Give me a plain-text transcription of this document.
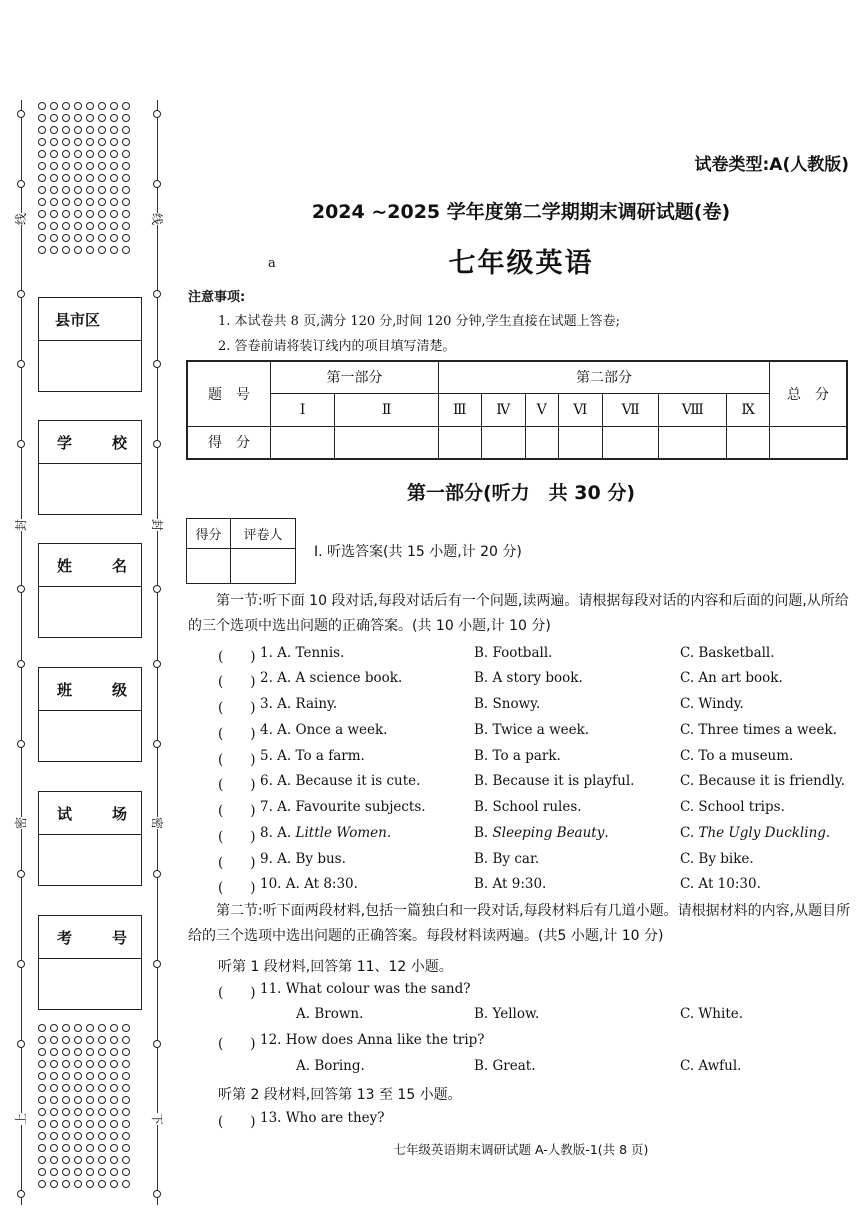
线	线
封	封
密	密
上	下
县市区
学	校
姓	名
班	级
试	场
考	号
试卷类型:A(人教版)
2024 ~2025 学年度第二学期期末调研试题(卷)
七年级英语
a
注意事项:
1. 本试卷共 8 页,满分 120 分,时间 120 分钟,学生直接在试题上答卷;
2. 答卷前请将装订线内的项目填写清楚。
题　号	第一部分		第二部分							总　分
	Ⅰ	Ⅱ	Ⅲ	Ⅳ	Ⅴ	Ⅵ	Ⅶ	Ⅷ	Ⅸ	
得　分										
第一部分(听力　共 30 分)
得分	评卷人

Ⅰ. 听选答案(共 15 小题,计 20 分)
第一节:听下面 10 段对话,每段对话后有一个问题,读两遍。请根据每段对话的内容和后面的问题,从所给的三个选项中选出问题的正确答案。(共 10 小题,计 10 分)
(　　) 1. A. Tennis.	B. Football.	C. Basketball.
(　　) 2. A. A science book.	B. A story book.	C. An art book.
(　　) 3. A. Rainy.	B. Snowy.	C. Windy.
(　　) 4. A. Once a week.	B. Twice a week.	C. Three times a week.
(　　) 5. A. To a farm.	B. To a park.	C. To a museum.
(　　) 6. A. Because it is cute.	B. Because it is playful.	C. Because it is friendly.
(　　) 7. A. Favourite subjects.	B. School rules.	C. School trips.
(　　) 8. A. Little Women.	B. Sleeping Beauty.	C. The Ugly Duckling.
(　　) 9. A. By bus.	B. By car.	C. By bike.
(　　) 10. A. At 8:30.	B. At 9:30.	C. At 10:30.
第二节:听下面两段材料,包括一篇独白和一段对话,每段材料后有几道小题。请根据材料的内容,从题目所给的三个选项中选出问题的正确答案。每段材料读两遍。(共5 小题,计 10 分)
听第 1 段材料,回答第 11、12 小题。
(　　) 11. What colour was the sand?
A. Brown.	B. Yellow.	C. White.
(　　) 12. How does Anna like the trip?
A. Boring.	B. Great.	C. Awful.
听第 2 段材料,回答第 13 至 15 小题。
(　　) 13. Who are they?
七年级英语期末调研试题 A-人教版-1(共 8 页)
